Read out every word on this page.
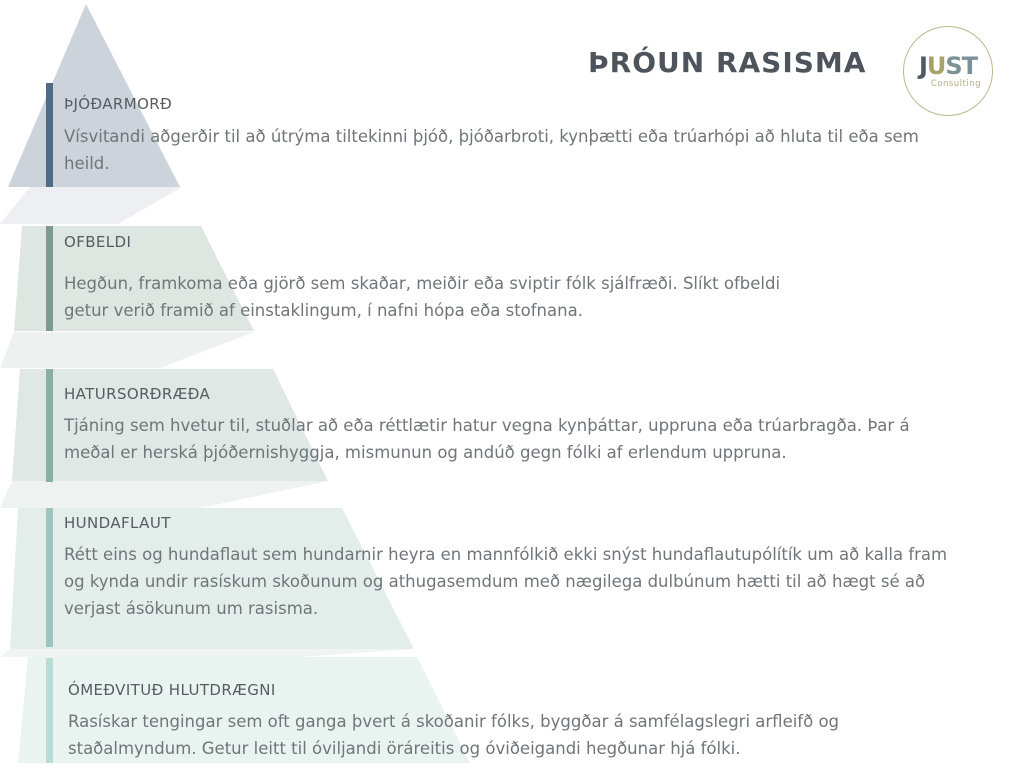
ÞRÓUN RASISMA JUST
Consulting
ÞJÓÐARMORÐ

Vísvitandi aðgerðir til að útrýma tiltekinni þjóð, þjóðarbroti, kynþætti eða trúarhópi að hluta til eða sem heild.

OFBELDI

Hegðun, framkoma eða gjörð sem skaðar, meiðir eða sviptir fólk sjálfræði. Slíkt ofbeldi getur verið framið af einstaklingum, í nafni hópa eða stofnana.

HATURSORÐRÆÐA

Tjáning sem hvetur til, stuðlar að eða réttlætir hatur vegna kynþáttar, uppruna eða trúarbragða. Þar á meðal er herská þjóðernishyggja, mismunun og andúð gegn fólki af erlendum uppruna.

HUNDAFLAUT

Rétt eins og hundaflaut sem hundarnir heyra en mannfólkið ekki snýst hundaflautupólítík um að kalla fram og kynda undir rasískum skoðunum og athugasemdum með nægilega dulbúnum hætti til að hægt sé að verjast ásökunum um rasisma.

ÓMEÐVITUÐ HLUTDRÆGNI

Rasískar tengingar sem oft ganga þvert á skoðanir fólks, byggðar á samfélagslegri arfleifð og staðalmyndum. Getur leitt til óviljandi öráreitis og óviðeigandi hegðunar hjá fólki.
